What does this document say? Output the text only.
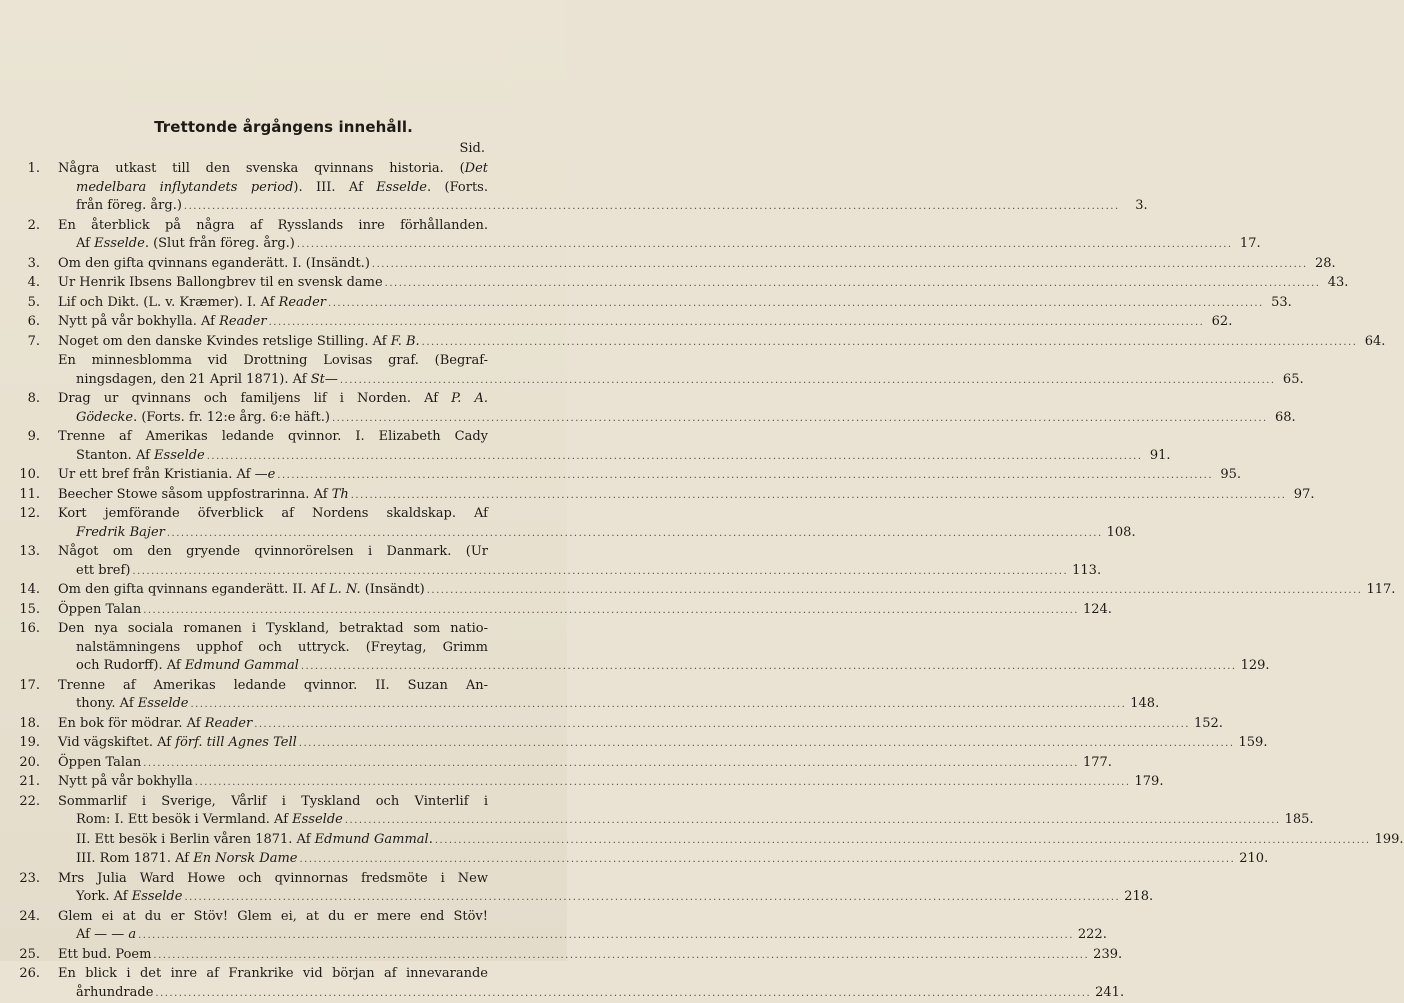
Trettonde årgångens innehåll.
Sid.
1. Några utkast till den svenska qvinnans historia. (Det
medelbara inflytandets period). III. Af Esselde. (Forts.
från föreg. årg.) ........................................................................................................................................................................................................	3.
2. En återblick på några af Rysslands inre förhållanden.
Af Esselde. (Slut från föreg. årg.) ........................................................................................................................................................................................................ 17.
3. Om den gifta qvinnans eganderätt. I. (Insändt.) ........................................................................................................................................................................................................ 28.
4. Ur Henrik Ibsens Ballongbrev til en svensk dame ........................................................................................................................................................................................................ 43.
5. Lif och Dikt. (L. v. Kræmer). I. Af Reader ........................................................................................................................................................................................................ 53.
6. Nytt på vår bokhylla. Af Reader ........................................................................................................................................................................................................ 62.
7. Noget om den danske Kvindes retslige Stilling. Af F. B. ........................................................................................................................................................................................................ 64.
En minnesblomma vid Drottning Lovisas graf. (Begraf-
ningsdagen, den 21 April 1871). Af St— ........................................................................................................................................................................................................ 65.
8. Drag ur qvinnans och familjens lif i Norden. Af P. A.
Gödecke. (Forts. fr. 12:e årg. 6:e häft.) ........................................................................................................................................................................................................ 68.
9. Trenne af Amerikas ledande qvinnor. I. Elizabeth Cady
Stanton. Af Esselde ........................................................................................................................................................................................................ 91.
10. Ur ett bref från Kristiania. Af —e ........................................................................................................................................................................................................ 95.
11. Beecher Stowe såsom uppfostrarinna. Af Th ........................................................................................................................................................................................................ 97.
12. Kort jemförande öfverblick af Nordens skaldskap. Af
Fredrik Bajer ........................................................................................................................................................................................................ 108.
13. Något om den gryende qvinnorörelsen i Danmark. (Ur
ett bref) ........................................................................................................................................................................................................ 113.
14. Om den gifta qvinnans eganderätt. II. Af L. N. (Insändt) ........................................................................................................................................................................................................ 117.
15. Öppen Talan ........................................................................................................................................................................................................ 124.
16. Den nya sociala romanen i Tyskland, betraktad som natio-
nalstämningens upphof och uttryck. (Freytag, Grimm
och Rudorff). Af Edmund Gammal ........................................................................................................................................................................................................ 129.
17. Trenne af Amerikas ledande qvinnor. II. Suzan An-
thony. Af Esselde ........................................................................................................................................................................................................ 148.
18. En bok för mödrar. Af Reader ........................................................................................................................................................................................................ 152.
19. Vid vägskiftet. Af förf. till Agnes Tell ........................................................................................................................................................................................................ 159.
20. Öppen Talan ........................................................................................................................................................................................................ 177.
21. Nytt på vår bokhylla ........................................................................................................................................................................................................ 179.
22. Sommarlif i Sverige, Vårlif i Tyskland och Vinterlif i
Rom: I. Ett besök i Vermland. Af Esselde ........................................................................................................................................................................................................ 185.
II. Ett besök i Berlin våren 1871. Af Edmund Gammal. ........................................................................................................................................................................................................ 199.
III. Rom 1871. Af En Norsk Dame ........................................................................................................................................................................................................ 210.
23. Mrs Julia Ward Howe och qvinnornas fredsmöte i New
York. Af Esselde ........................................................................................................................................................................................................ 218.
24. Glem ei at du er Stöv! Glem ei, at du er mere end Stöv!
Af — — a ........................................................................................................................................................................................................ 222.
25. Ett bud. Poem ........................................................................................................................................................................................................ 239.
26. En blick i det inre af Frankrike vid början af innevarande
århundrade ........................................................................................................................................................................................................ 241.
